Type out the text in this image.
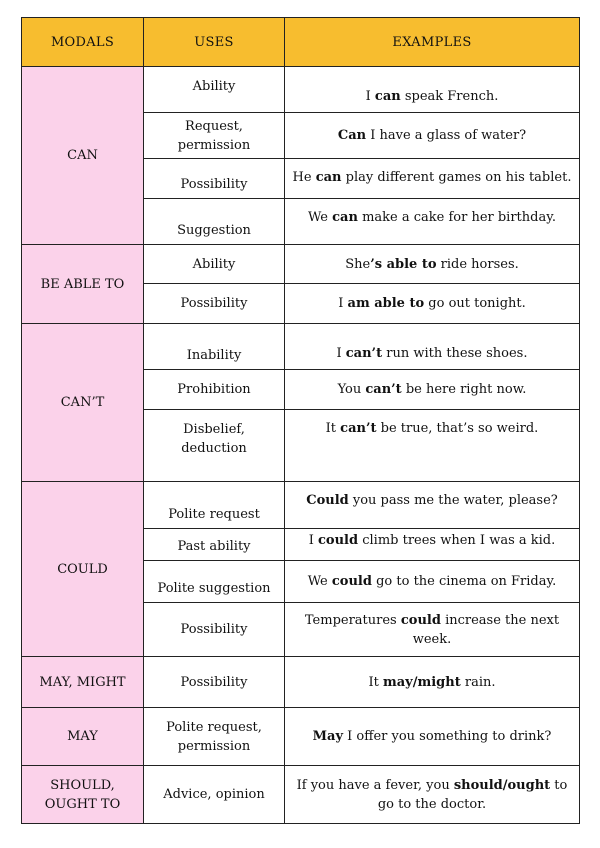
MODALS	USES	EXAMPLES
CAN	Ability	I can speak French.
	Request, permission	Can I have a glass of water?
	Possibility	He can play different games on his tablet.
	Suggestion	We can make a cake for her birthday.
BE ABLE TO	Ability	She’s able to ride horses.
	Possibility	I am able to go out tonight.
CAN’T	Inability	I can’t run with these shoes.
	Prohibition	You can’t be here right now.
	Disbelief, deduction	It can’t be true, that’s so weird.
COULD	Polite request	Could you pass me the water, please?
	Past ability	I could climb trees when I was a kid.
	Polite suggestion	We could go to the cinema on Friday.
	Possibility	Temperatures could increase the next week.
MAY, MIGHT	Possibility	It may/might rain.
MAY	Polite request, permission	May I offer you something to drink?
SHOULD, OUGHT TO	Advice, opinion	If you have a fever, you should/ought to go to the doctor.
